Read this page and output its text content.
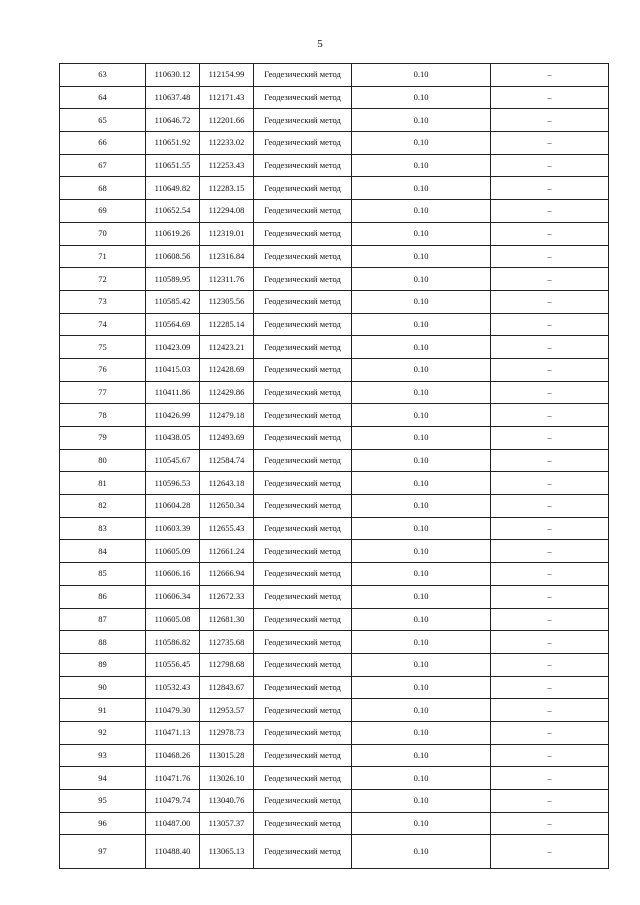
5
63	110630.12	112154.99	Геодезический метод	0.10	–
64	110637.48	112171.43	Геодезический метод	0.10	–
65	110646.72	112201.66	Геодезический метод	0.10	–
66	110651.92	112233.02	Геодезический метод	0.10	–
67	110651.55	112253.43	Геодезический метод	0.10	–
68	110649.82	112283.15	Геодезический метод	0.10	–
69	110652.54	112294.08	Геодезический метод	0.10	–
70	110619.26	112319.01	Геодезический метод	0.10	–
71	110608.56	112316.84	Геодезический метод	0.10	–
72	110589.95	112311.76	Геодезический метод	0.10	–
73	110585.42	112305.56	Геодезический метод	0.10	–
74	110564.69	112285.14	Геодезический метод	0.10	–
75	110423.09	112423.21	Геодезический метод	0.10	–
76	110415.03	112428.69	Геодезический метод	0.10	–
77	110411.86	112429.86	Геодезический метод	0.10	–
78	110426.99	112479.18	Геодезический метод	0.10	–
79	110438.05	112493.69	Геодезический метод	0.10	–
80	110545.67	112584.74	Геодезический метод	0.10	–
81	110596.53	112643.18	Геодезический метод	0.10	–
82	110604.28	112650.34	Геодезический метод	0.10	–
83	110603.39	112655.43	Геодезический метод	0.10	–
84	110605.09	112661.24	Геодезический метод	0.10	–
85	110606.16	112666.94	Геодезический метод	0.10	–
86	110606.34	112672.33	Геодезический метод	0.10	–
87	110605.08	112681.30	Геодезический метод	0.10	–
88	110586.82	112735.68	Геодезический метод	0.10	–
89	110556.45	112798.68	Геодезический метод	0.10	–
90	110532.43	112843.67	Геодезический метод	0.10	–
91	110479.30	112953.57	Геодезический метод	0.10	–
92	110471.13	112978.73	Геодезический метод	0.10	–
93	110468.26	113015.28	Геодезический метод	0.10	–
94	110471.76	113026.10	Геодезический метод	0.10	–
95	110479.74	113040.76	Геодезический метод	0.10	–
96	110487.00	113057.37	Геодезический метод	0.10	–
97	110488.40	113065.13	Геодезический метод	0.10	–
